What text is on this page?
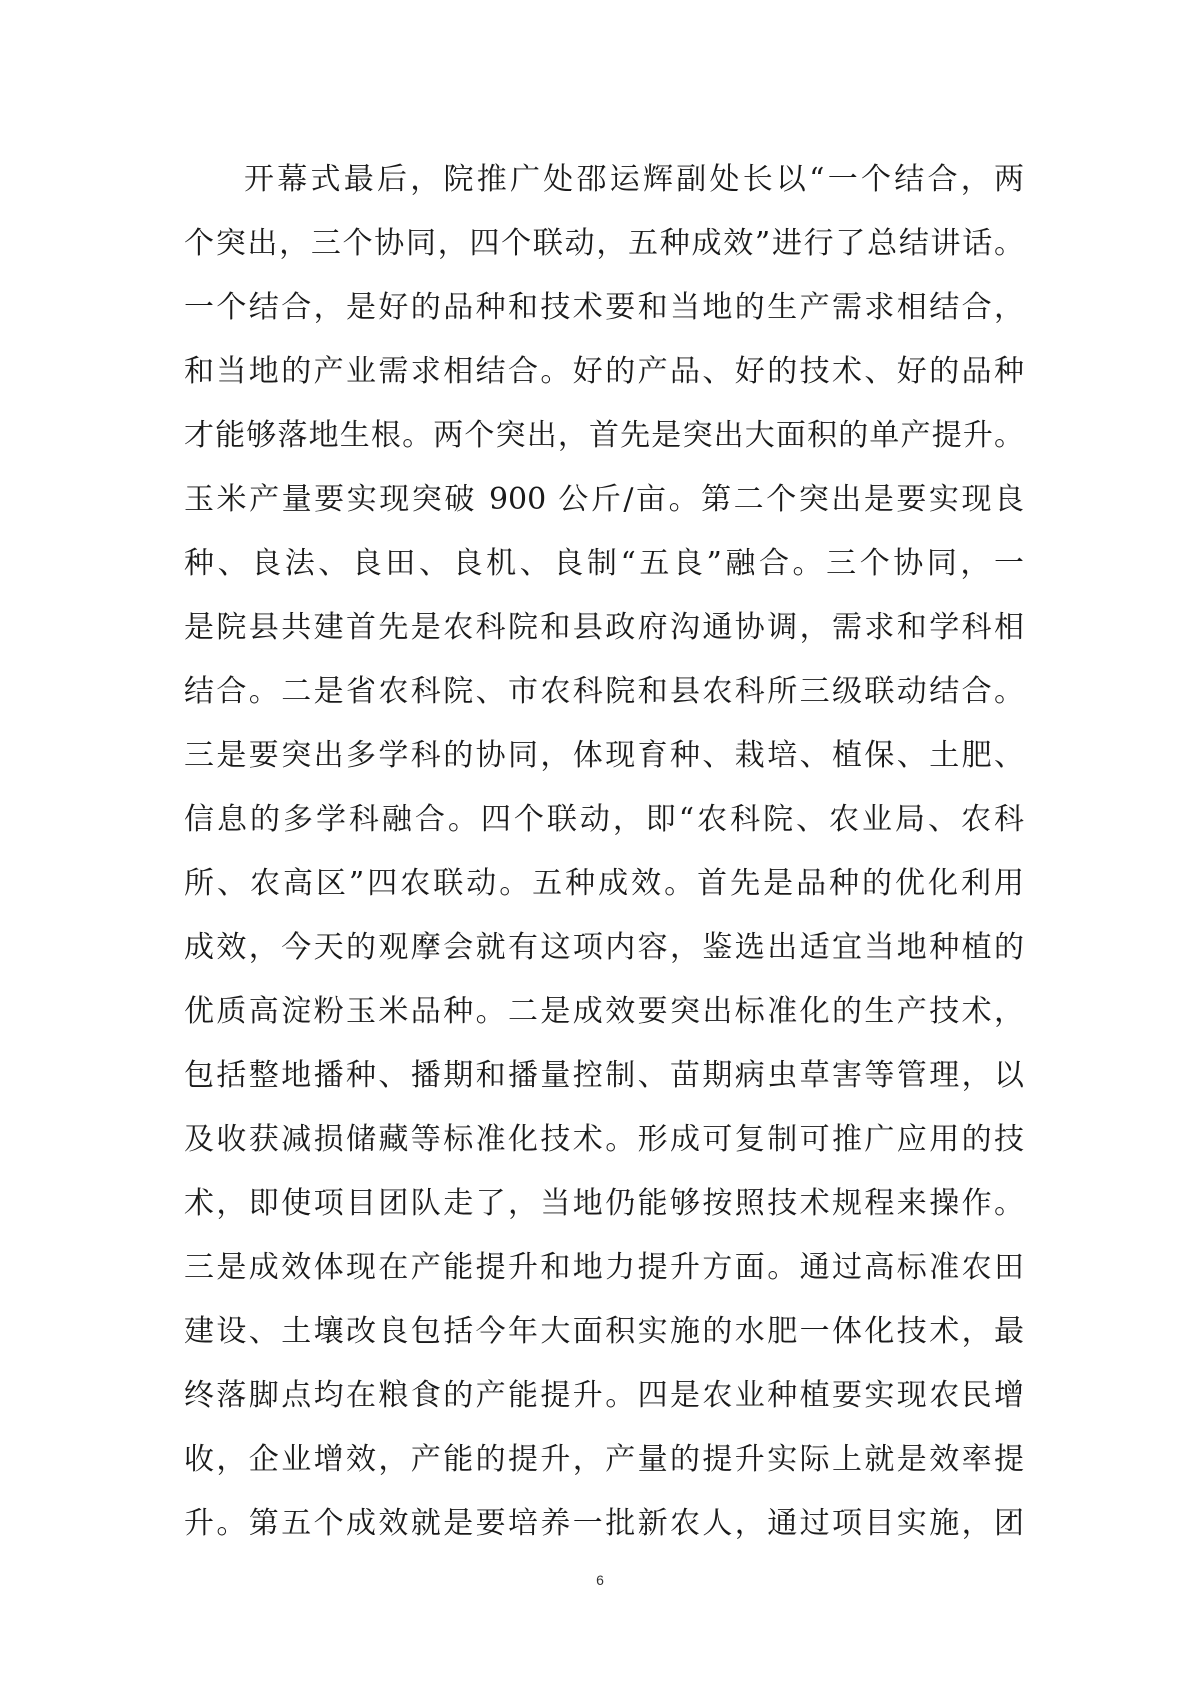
开幕式最后，院推广处邵运辉副处长以“一个结合，两
个突出，三个协同，四个联动，五种成效”进行了总结讲话。
一个结合，是好的品种和技术要和当地的生产需求相结合，
和当地的产业需求相结合。好的产品、好的技术、好的品种
才能够落地生根。两个突出，首先是突出大面积的单产提升。
玉米产量要实现突破 900 公斤/亩。第二个突出是要实现良
种、良法、良田、良机、良制“五良”融合。三个协同，一
是院县共建首先是农科院和县政府沟通协调，需求和学科相
结合。二是省农科院、市农科院和县农科所三级联动结合。
三是要突出多学科的协同，体现育种、栽培、植保、土肥、
信息的多学科融合。四个联动，即“农科院、农业局、农科
所、农高区”四农联动。五种成效。首先是品种的优化利用
成效，今天的观摩会就有这项内容，鉴选出适宜当地种植的
优质高淀粉玉米品种。二是成效要突出标准化的生产技术，
包括整地播种、播期和播量控制、苗期病虫草害等管理，以
及收获减损储藏等标准化技术。形成可复制可推广应用的技
术，即使项目团队走了，当地仍能够按照技术规程来操作。
三是成效体现在产能提升和地力提升方面。通过高标准农田
建设、土壤改良包括今年大面积实施的水肥一体化技术，最
终落脚点均在粮食的产能提升。四是农业种植要实现农民增
收，企业增效，产能的提升，产量的提升实际上就是效率提
升。第五个成效就是要培养一批新农人，通过项目实施，团
6
